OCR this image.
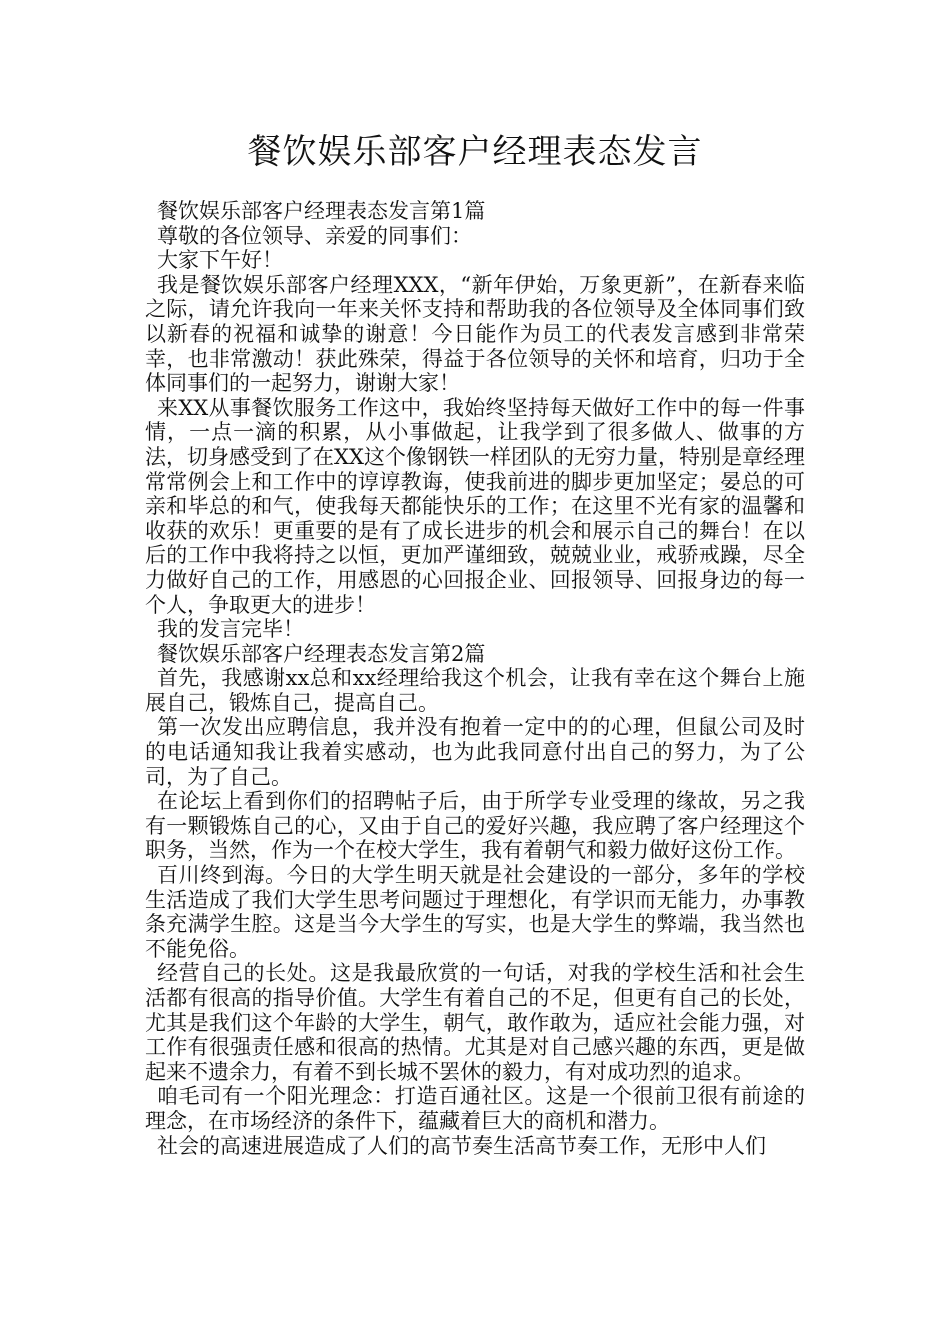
餐饮娱乐部客户经理表态发言

餐饮娱乐部客户经理表态发言第1篇

尊敬的各位领导、亲爱的同事们：

大家下午好！

我是餐饮娱乐部客户经理XXX，“新年伊始，万象更新”，在新春来临之际，请允许我向一年来关怀支持和帮助我的各位领导及全体同事们致以新春的祝福和诚挚的谢意！今日能作为员工的代表发言感到非常荣幸，也非常激动！获此殊荣，得益于各位领导的关怀和培育，归功于全体同事们的一起努力，谢谢大家！

来XX从事餐饮服务工作这中，我始终坚持每天做好工作中的每一件事情，一点一滴的积累，从小事做起，让我学到了很多做人、做事的方法，切身感受到了在XX这个像钢铁一样团队的无穷力量，特别是章经理常常例会上和工作中的谆谆教诲，使我前进的脚步更加坚定；晏总的可亲和毕总的和气，使我每天都能快乐的工作；在这里不光有家的温馨和收获的欢乐！更重要的是有了成长进步的机会和展示自己的舞台！在以后的工作中我将持之以恒，更加严谨细致，兢兢业业，戒骄戒躁，尽全力做好自己的工作，用感恩的心回报企业、回报领导、回报身边的每一个人，争取更大的进步！

我的发言完毕！

餐饮娱乐部客户经理表态发言第2篇

首先，我感谢xx总和xx经理给我这个机会，让我有幸在这个舞台上施展自己，锻炼自己，提高自己。

第一次发出应聘信息，我并没有抱着一定中的的心理，但鼠公司及时的电话通知我让我着实感动，也为此我同意付出自己的努力，为了公司，为了自己。

在论坛上看到你们的招聘帖子后，由于所学专业受理的缘故，另之我有一颗锻炼自己的心，又由于自己的爱好兴趣，我应聘了客户经理这个职务，当然，作为一个在校大学生，我有着朝气和毅力做好这份工作。

百川终到海。今日的大学生明天就是社会建设的一部分，多年的学校生活造成了我们大学生思考问题过于理想化，有学识而无能力，办事教条充满学生腔。这是当今大学生的写实，也是大学生的弊端，我当然也不能免俗。

经营自己的长处。这是我最欣赏的一句话，对我的学校生活和社会生活都有很高的指导价值。大学生有着自己的不足，但更有自己的长处，尤其是我们这个年龄的大学生，朝气，敢作敢为，适应社会能力强，对工作有很强责任感和很高的热情。尤其是对自己感兴趣的东西，更是做起来不遗余力，有着不到长城不罢休的毅力，有对成功烈的追求。

咱毛司有一个阳光理念：打造百通社区。这是一个很前卫很有前途的理念，在市场经济的条件下，蕴藏着巨大的商机和潜力。

社会的高速进展造成了人们的高节奏生活高节奏工作，无形中人们
